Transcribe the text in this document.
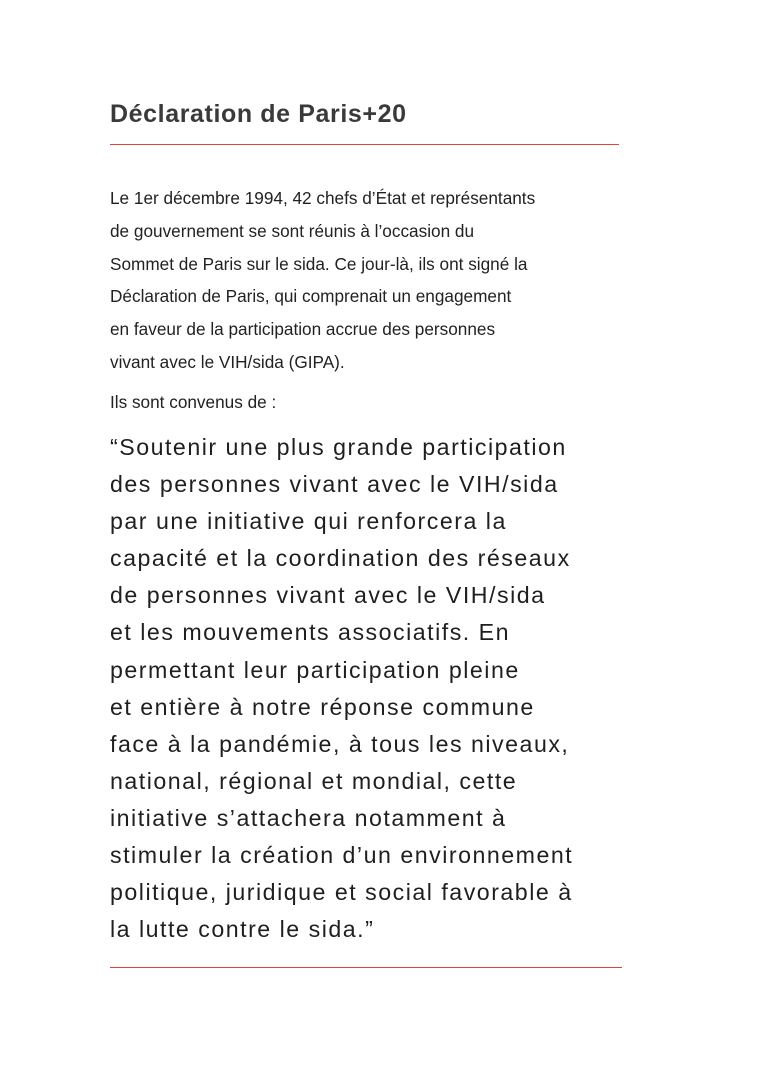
Déclaration de Paris+20

Le 1er décembre 1994, 42 chefs d’État et représentants
de gouvernement se sont réunis à l’occasion du
Sommet de Paris sur le sida. Ce jour-là, ils ont signé la
Déclaration de Paris, qui comprenait un engagement
en faveur de la participation accrue des personnes
vivant avec le VIH/sida (GIPA).

Ils sont convenus de :

“Soutenir une plus grande participation
des personnes vivant avec le VIH/sida
par une initiative qui renforcera la
capacité et la coordination des réseaux
de personnes vivant avec le VIH/sida
et les mouvements associatifs. En
permettant leur participation pleine
et entière à notre réponse commune
face à la pandémie, à tous les niveaux,
national, régional et mondial, cette
initiative s’attachera notamment à
stimuler la création d’un environnement
politique, juridique et social favorable à
la lutte contre le sida.”
